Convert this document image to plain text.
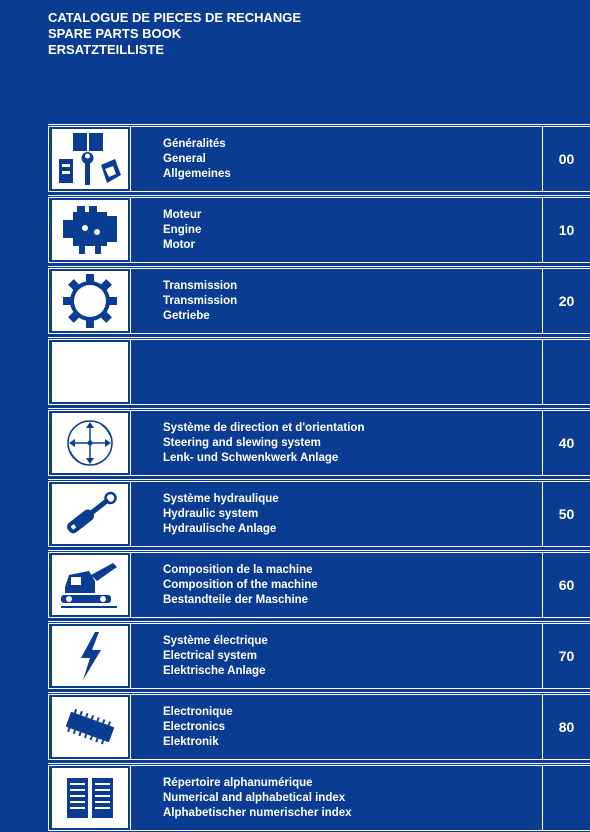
CATALOGUE DE PIECES DE RECHANGE
SPARE PARTS BOOK
ERSATZTEILLISTE
Généralités
General
Allgemeines
00
Moteur
Engine
Motor
10
Transmission
Transmission
Getriebe
20
Système de direction et d'orientation
Steering and slewing system
Lenk- und Schwenkwerk Anlage
40
Système hydraulique
Hydraulic system
Hydraulische Anlage
50
Composition de la machine
Composition of the machine
Bestandteile der Maschine
60
Système électrique
Electrical system
Elektrische Anlage
70
Electronique
Electronics
Elektronik
80
Répertoire alphanumérique
Numerical and alphabetical index
Alphabetischer numerischer index
